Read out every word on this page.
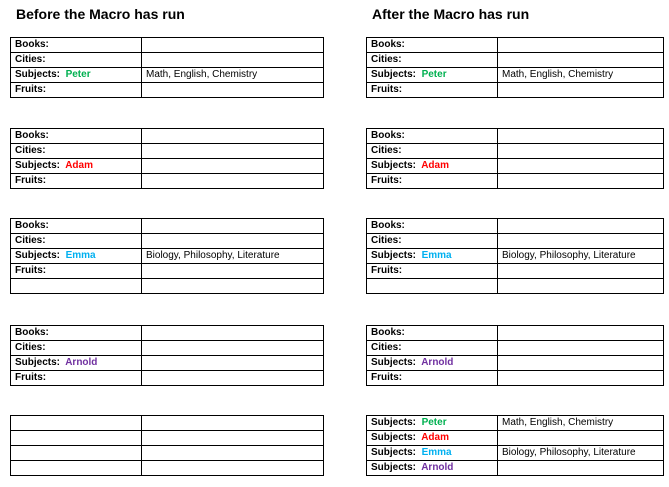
Before the Macro has run	After the Macro has run
Books:	
Cities:	
Subjects: Peter	Math, English, Chemistry
Fruits:	
Books:	
Cities:	
Subjects: Adam	
Fruits:	
Books:	
Cities:	
Subjects: Emma	Biology, Philosophy, Literature
Fruits:	

Books:	
Cities:	
Subjects: Arnold	
Fruits:	

Books:	
Cities:	
Subjects: Peter	Math, English, Chemistry
Fruits:	
Books:	
Cities:	
Subjects: Adam	
Fruits:	
Books:	
Cities:	
Subjects: Emma	Biology, Philosophy, Literature
Fruits:	

Books:	
Cities:	
Subjects: Arnold	
Fruits:	
Subjects: Peter	Math, English, Chemistry
Subjects: Adam	
Subjects: Emma	Biology, Philosophy, Literature
Subjects: Arnold	
